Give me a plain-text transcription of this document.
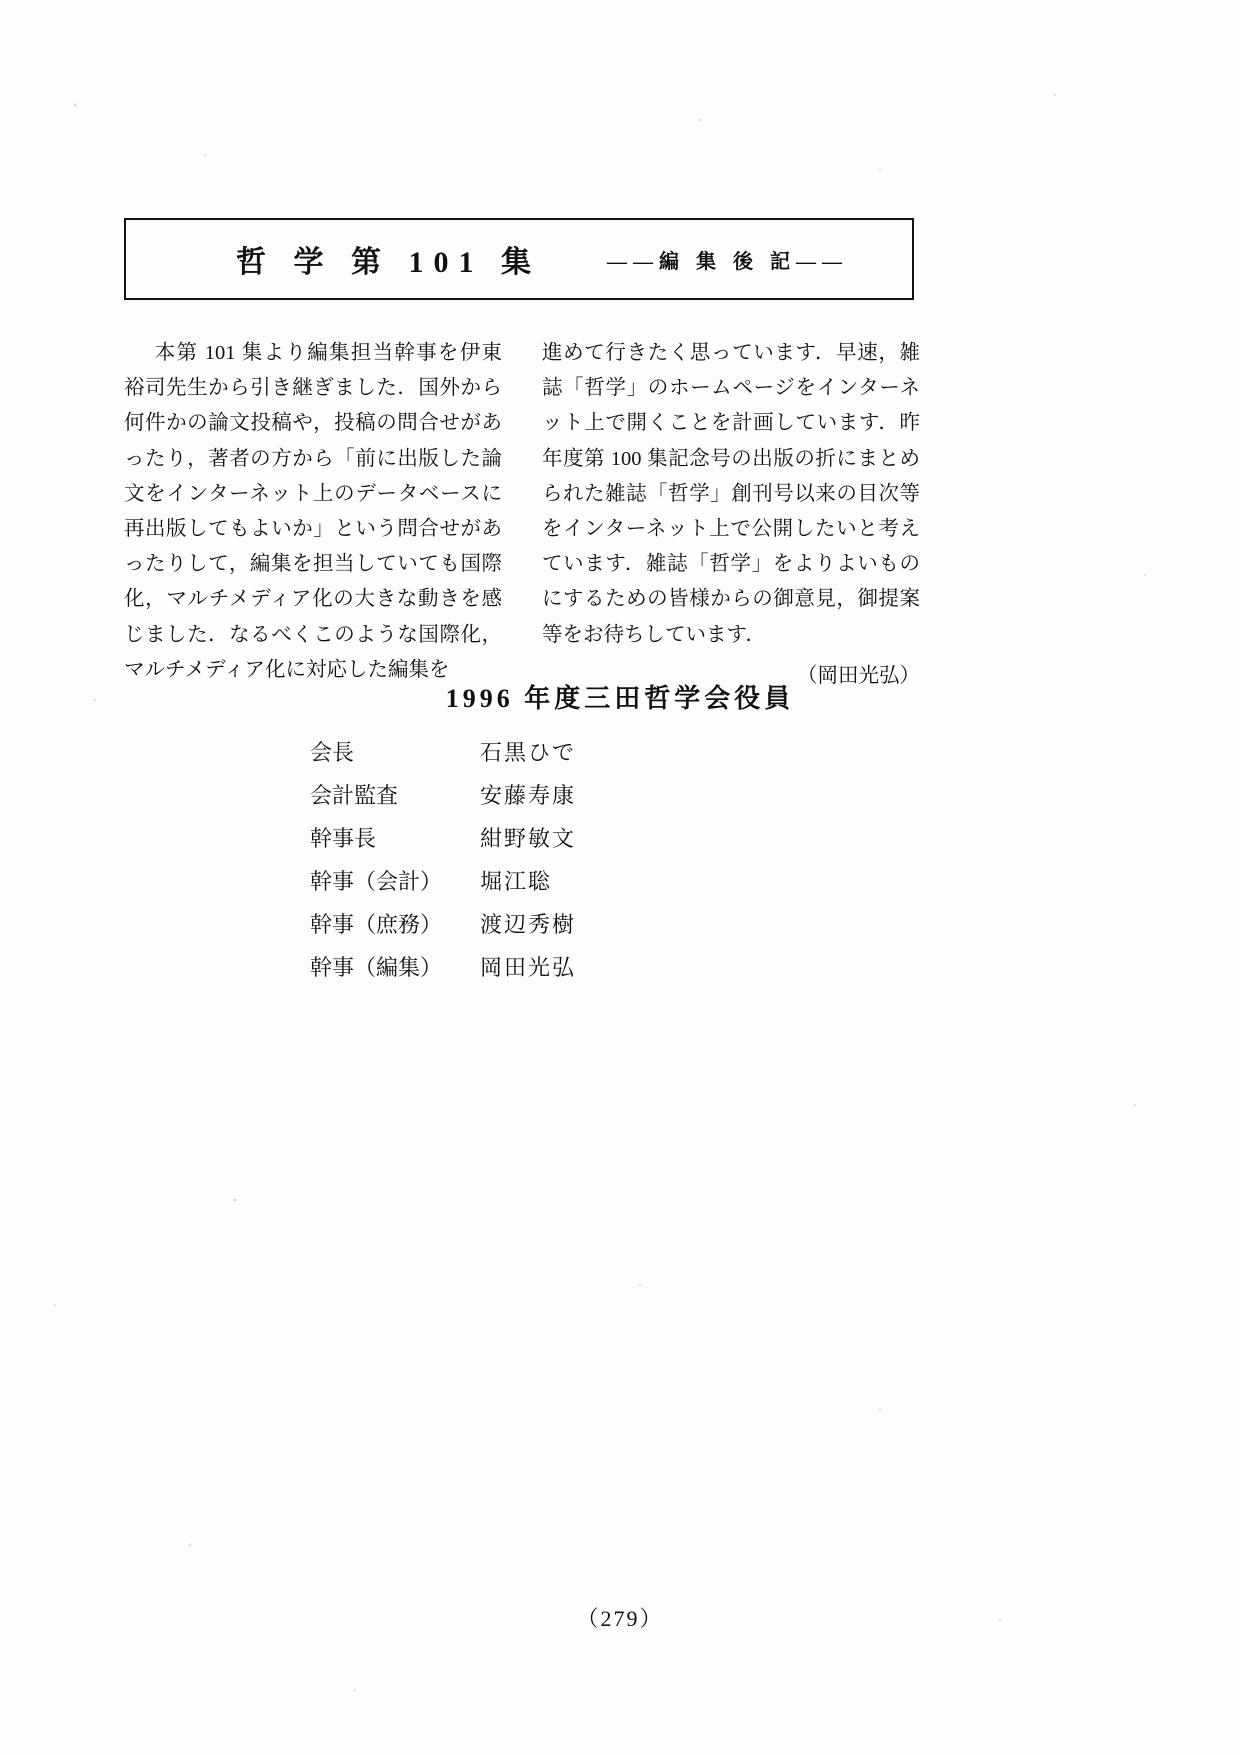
哲 学 第 101 集	——編 集 後 記——

本第 101 集より編集担当幹事を伊東裕司先生から引き継ぎました．国外から何件かの論文投稿や，投稿の問合せがあったり，著者の方から「前に出版した論文をインターネット上のデータベースに再出版してもよいか」という問合せがあったりして，編集を担当していても国際化，マルチメディア化の大きな動きを感じました．なるべくこのような国際化，マルチメディア化に対応した編集を

進めて行きたく思っています．早速，雑誌「哲学」のホームページをインターネット上で開くことを計画しています．昨年度第 100 集記念号の出版の折にまとめられた雑誌「哲学」創刊号以来の目次等をインターネット上で公開したいと考えています．雑誌「哲学」をよりよいものにするための皆様からの御意見，御提案等をお待ちしています．

（岡田光弘）
1996 年度三田哲学会役員
会長	石黒ひで
会計監査	安藤寿康
幹事長	紺野敏文
幹事（会計）	堀江聡
幹事（庶務）	渡辺秀樹
幹事（編集）	岡田光弘
（279）
